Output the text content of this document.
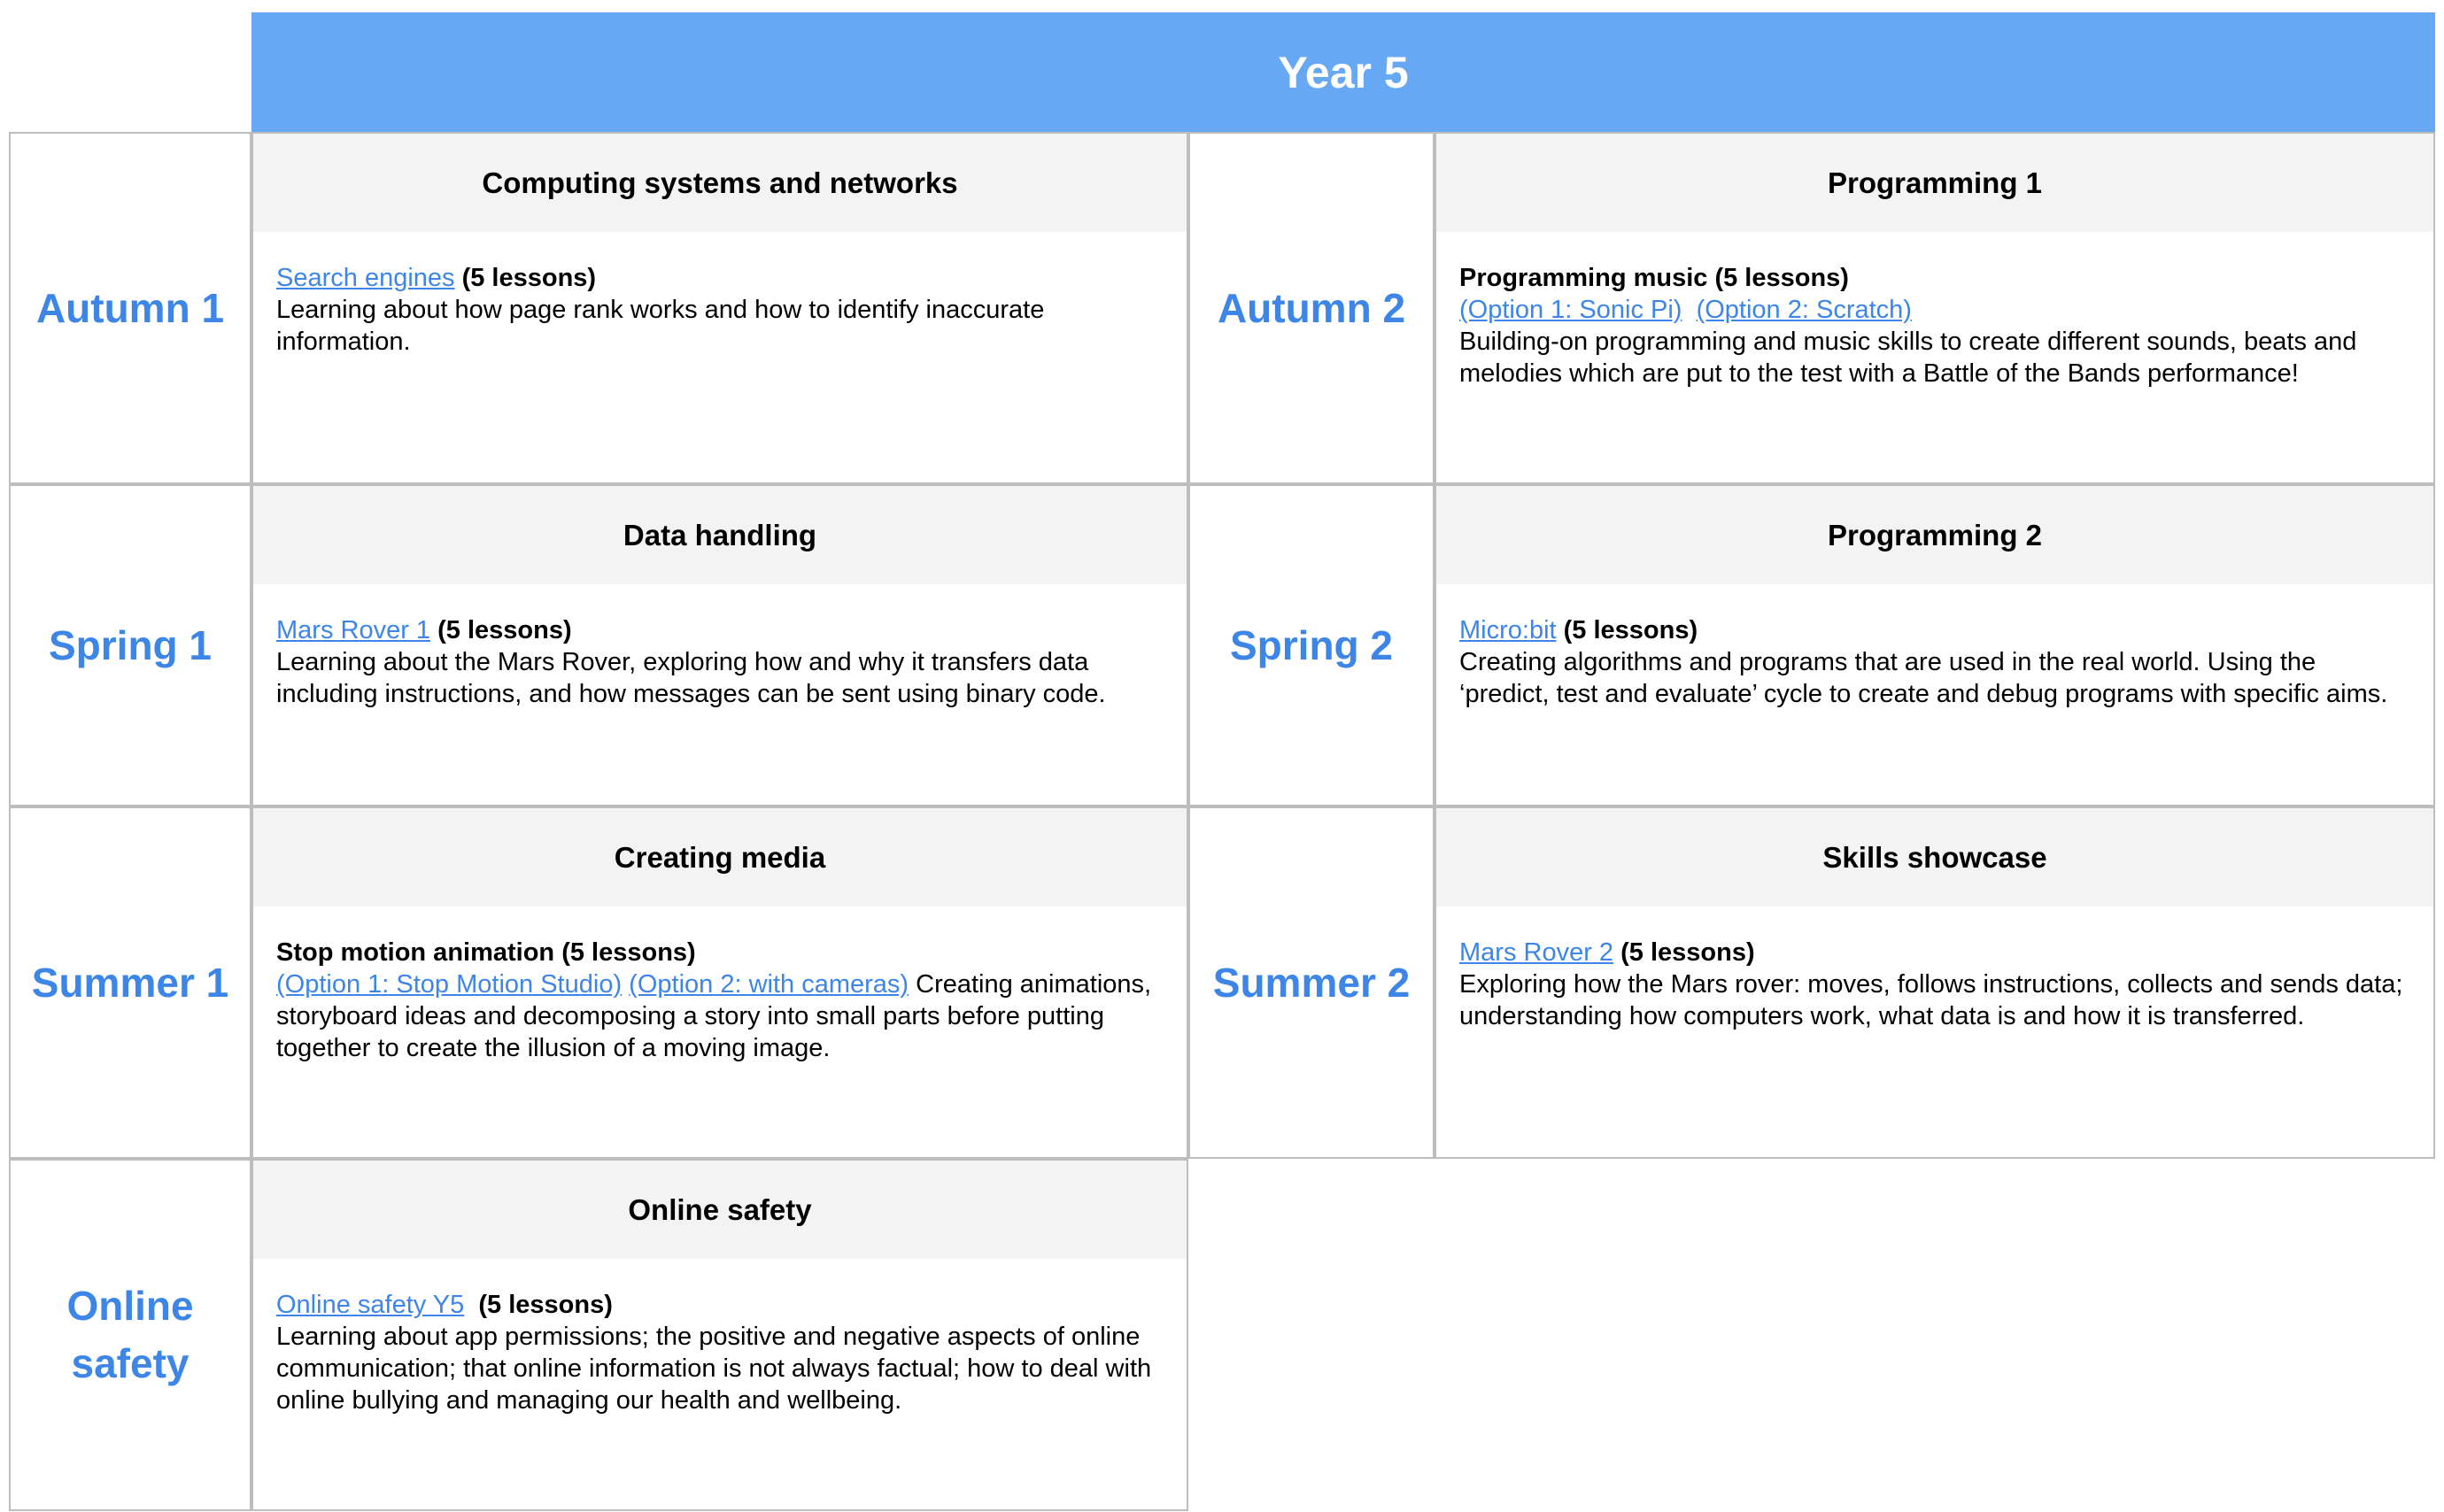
Year 5
Autumn 1
Computing systems and networks
Search engines (5 lessons)
Learning about how page rank works and how to identify inaccurate information.
Autumn 2
Programming 1
Programming music (5 lessons)
(Option 1: Sonic Pi) (Option 2: Scratch)
Building-on programming and music skills to create different sounds, beats and melodies which are put to the test with a Battle of the Bands performance!
Spring 1
Data handling
Mars Rover 1 (5 lessons)
Learning about the Mars Rover, exploring how and why it transfers data including instructions, and how messages can be sent using binary code.
Spring 2
Programming 2
Micro:bit (5 lessons)
Creating algorithms and programs that are used in the real world. Using the ‘predict, test and evaluate’ cycle to create and debug programs with specific aims.
Summer 1
Creating media
Stop motion animation (5 lessons)
(Option 1: Stop Motion Studio) (Option 2: with cameras) Creating animations, storyboard ideas and decomposing a story into small parts before putting together to create the illusion of a moving image.
Summer 2
Skills showcase
Mars Rover 2 (5 lessons)
Exploring how the Mars rover: moves, follows instructions, collects and sends data; understanding how computers work, what data is and how it is transferred.
Online
safety
Online safety
Online safety Y5  (5 lessons)
Learning about app permissions; the positive and negative aspects of online communication; that online information is not always factual; how to deal with online bullying and managing our health and wellbeing.
